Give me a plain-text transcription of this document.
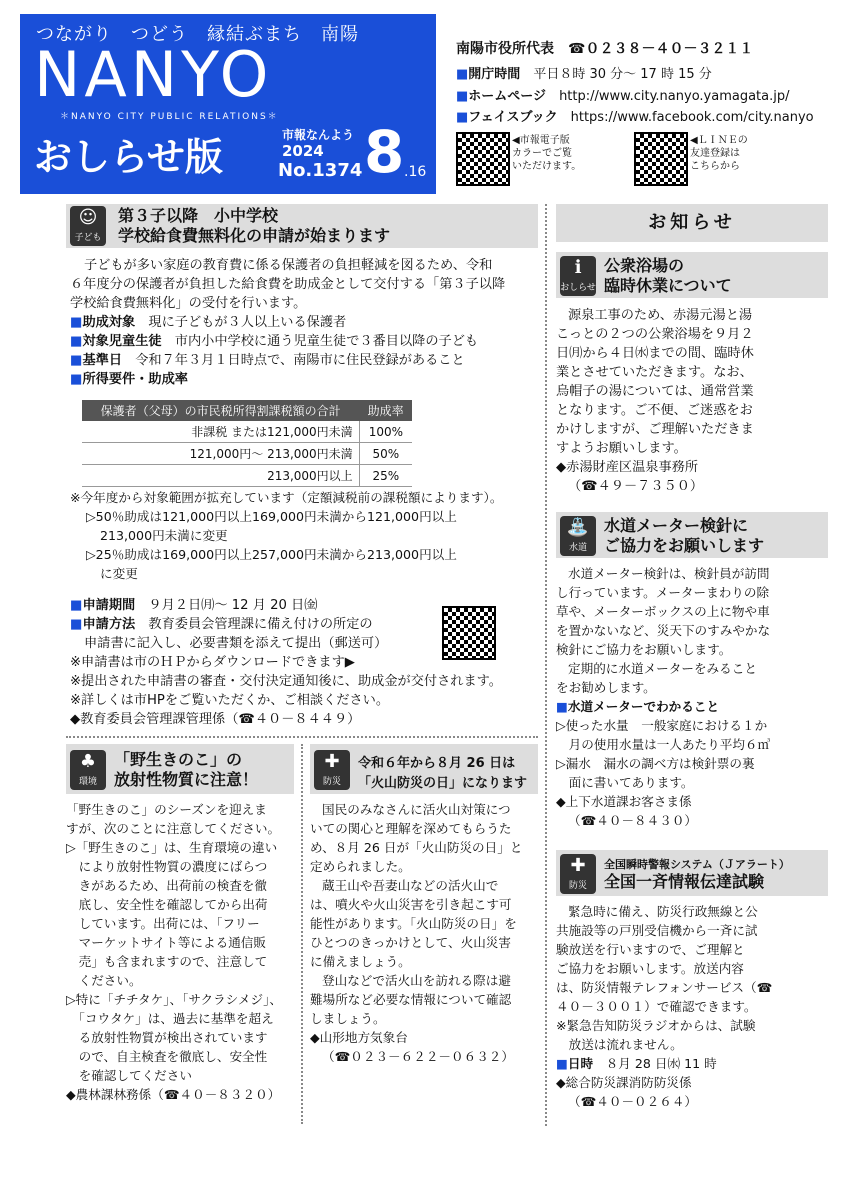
つながり　つどう　縁結ぶまち　南陽
NANYO
＊NANYO CITY PUBLIC RELATIONS＊
おしらせ版	市報なんよう
2024
No.1374 8 .16
南陽市役所代表　☎０２３８－４０－３２１１
■開庁時間　 平日８時 30 分～ 17 時 15 分
■ホームページ　 http://www.city.nanyo.yamagata.jp/
■フェイスブック　 https://www.facebook.com/city.nanyo
◀市報電子版
カラーでご覧
いただけます。
◀ＬＩＮＥの
友達登録は
こちらから
☺
子ども
第３子以降　小中学校
学校給食費無料化の申請が始まります
子どもが多い家庭の教育費に係る保護者の負担軽減を図るため、令和
６年度分の保護者が負担した給食費を助成金として交付する「第３子以降
学校給食費無料化」の受付を行います。
■ 助成対象　 現に子どもが３人以上いる保護者
■ 対象児童生徒　 市内小中学校に通う児童生徒で３番目以降の子ども
■ 基準日　 令和７年３月１日時点で、南陽市に住民登録があること
■ 所得要件・助成率
保護者（父母）の市民税所得割課税額の合計	助成率
非課税 または121,000円未満	100%
121,000円～ 213,000円未満	50%
213,000円以上	25%
※今年度から対象範囲が拡充しています（定額減税前の課税額によります）。
▷50％助成は121,000円以上169,000円未満から121,000円以上
213,000円未満に変更
▷25％助成は169,000円以上257,000円未満から213,000円以上
に変更
■ 申請期間　 ９月２日㈪～ 12 月 20 日㈮
■ 申請方法　 教育委員会管理課に備え付けの所定の
申請書に記入し、必要書類を添えて提出（郵送可）
※申請書は市のＨＰからダウンロードできます▶
※提出された申請書の審査・交付決定通知後に、助成金が交付されます。
※詳しくは市HPをご覧いただくか、ご相談ください。
◆教育委員会管理課管理係（☎４０－８４４９）
♣
環境
「野生きのこ」の
放射性物質に注意！
「野生きのこ」のシーズンを迎えま
すが、次のことに注意してください。
▷「野生きのこ」は、生育環境の違い
　により放射性物質の濃度にばらつ
　きがあるため、出荷前の検査を徹
　底し、安全性を確認してから出荷
　しています。出荷には、「フリー
　マーケットサイト等による通信販
　売」も含まれますので、注意して
　ください。
▷特に「チチタケ」、「サクラシメジ」、
　「コウタケ」は、過去に基準を超え
　る放射性物質が検出されています
　ので、自主検査を徹底し、安全性
　を確認してください
◆農林課林務係（☎４０－８３２０）
✚
防災
令和６年から８月 26 日は
「火山防災の日」になります
国民のみなさんに活火山対策につ
いての関心と理解を深めてもらうた
め、８月 26 日が「火山防災の日」と
定められました。
蔵王山や吾妻山などの活火山で
は、噴火や火山災害を引き起こす可
能性があります。「火山防災の日」を
ひとつのきっかけとして、火山災害
に備えましょう。
登山などで活火山を訪れる際は避
難場所など必要な情報について確認
しましょう。
◆山形地方気象台
（☎０２３－６２２－０６３２）
お知らせ
ℹ
おしらせ
公衆浴場の
臨時休業について
源泉工事のため、赤湯元湯と湯
こっとの２つの公衆浴場を９月２
日㈪から４日㈬までの間、臨時休
業とさせていただきます。なお、
烏帽子の湯については、通常営業
となります。ご不便、ご迷惑をお
かけしますが、ご理解いただきま
すようお願いします。
◆赤湯財産区温泉事務所
（☎４９－７３５０）
⛲
水道
水道メーター検針に
ご協力をお願いします
水道メーター検針は、検針員が訪問
し行っています。メーターまわりの除
草や、メーターボックスの上に物や車
を置かないなど、災天下のすみやかな
検針にご協力をお願いします。
定期的に水道メーターをみること
をお勧めします。
■ 水道メーターでわかること
▷使った水量　一般家庭における１か
　月の使用水量は一人あたり平均６㎥
▷漏水　漏水の調べ方は検針票の裏
　面に書いてあります。
◆上下水道課お客さま係
（☎４０－８４３０）
✚
防災
全国瞬時警報システム（Ｊアラート）
全国一斉情報伝達試験
緊急時に備え、防災行政無線と公
共施設等の戸別受信機から一斉に試
験放送を行いますので、ご理解と
ご協力をお願いします。放送内容
は、防災情報テレフォンサービス（☎
４０－３００１）で確認できます。
※緊急告知防災ラジオからは、試験
　放送は流れません。
■ 日時　 ８月 28 日㈬ 11 時
◆総合防災課消防防災係
（☎４０－０２６４）
